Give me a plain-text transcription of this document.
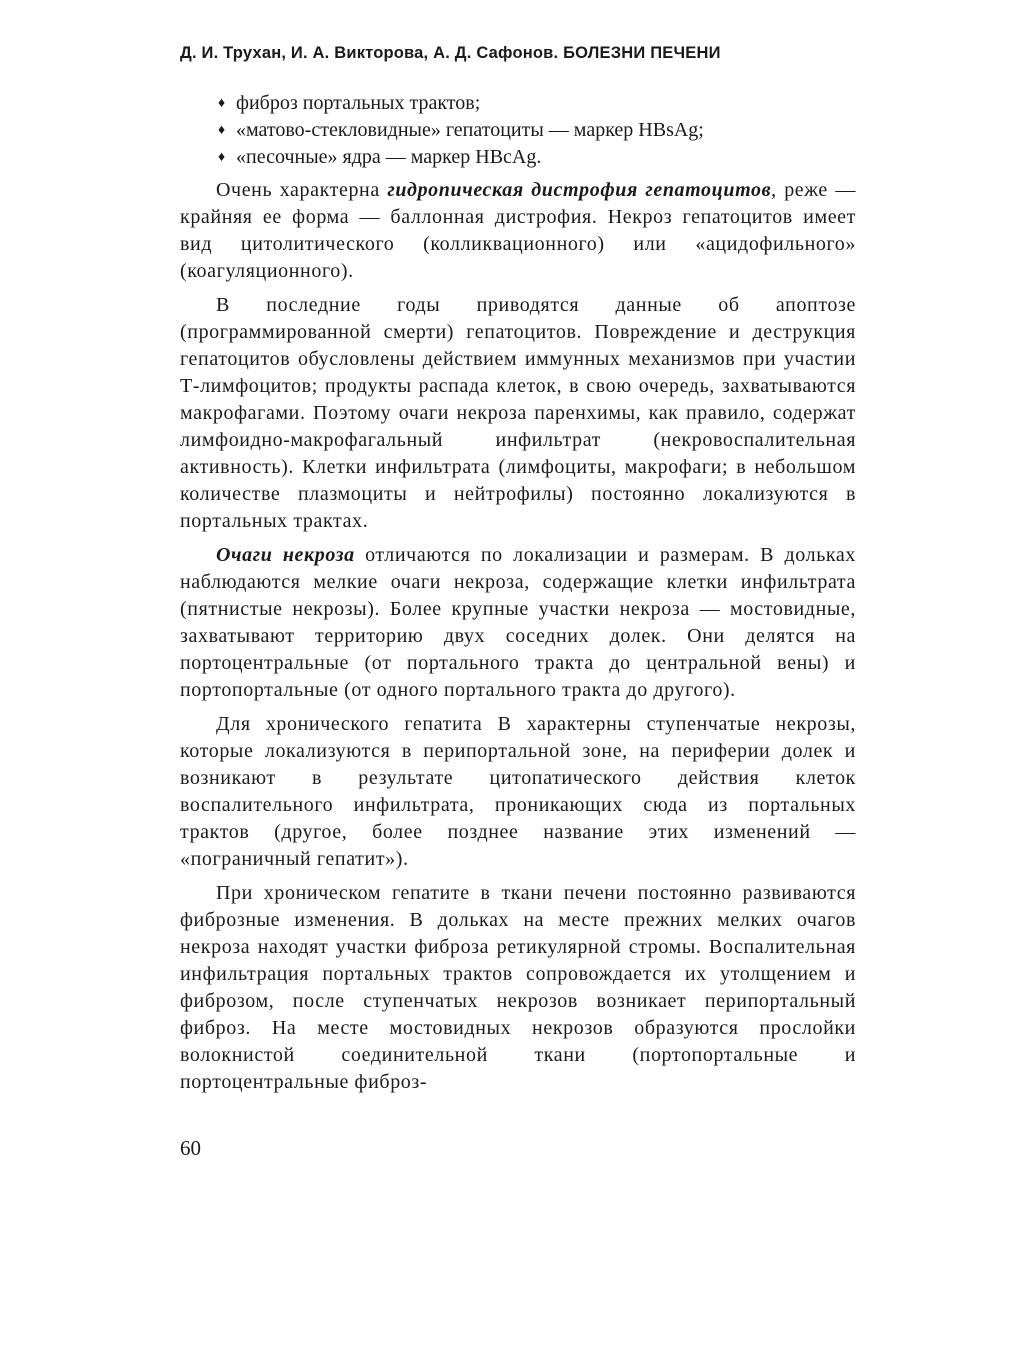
Д. И. Трухан, И. А. Викторова, А. Д. Сафонов. БОЛЕЗНИ ПЕЧЕНИ
♦ фиброз портальных трактов;
♦ «матово-стекловидные» гепатоциты — маркер HBsAg;
♦ «песочные» ядра — маркер HBcAg.

Очень характерна гидропическая дистрофия гепатоцитов, реже — крайняя ее форма — баллонная дистрофия. Некроз гепатоцитов имеет вид цитолитического (колликвационного) или «ацидофильного» (коагуляционного).

В последние годы приводятся данные об апоптозе (программированной смерти) гепатоцитов. Повреждение и деструкция гепатоцитов обусловлены действием иммунных механизмов при участии Т-лимфоцитов; продукты распада клеток, в свою очередь, захватываются макрофагами. Поэтому очаги некроза паренхимы, как правило, содержат лимфоидно-макрофагальный инфильтрат (некровоспалительная активность). Клетки инфильтрата (лимфоциты, макрофаги; в небольшом количестве плазмоциты и нейтрофилы) постоянно локализуются в портальных трактах.

Очаги некроза отличаются по локализации и размерам. В дольках наблюдаются мелкие очаги некроза, содержащие клетки инфильтрата (пятнистые некрозы). Более крупные участки некроза — мостовидные, захватывают территорию двух соседних долек. Они делятся на портоцентральные (от портального тракта до центральной вены) и портопортальные (от одного портального тракта до другого).

Для хронического гепатита В характерны ступенчатые некрозы, которые локализуются в перипортальной зоне, на периферии долек и возникают в результате цитопатического действия клеток воспалительного инфильтрата, проникающих сюда из портальных трактов (другое, более позднее название этих изменений — «пограничный гепатит»).

При хроническом гепатите в ткани печени постоянно развиваются фиброзные изменения. В дольках на месте прежних мелких очагов некроза находят участки фиброза ретикулярной стромы. Воспалительная инфильтрация портальных трактов сопровождается их утолщением и фиброзом, после ступенчатых некрозов возникает перипортальный фиброз. На месте мостовидных некрозов образуются прослойки волокнистой соединительной ткани (портопортальные и портоцентральные фиброз-

60
